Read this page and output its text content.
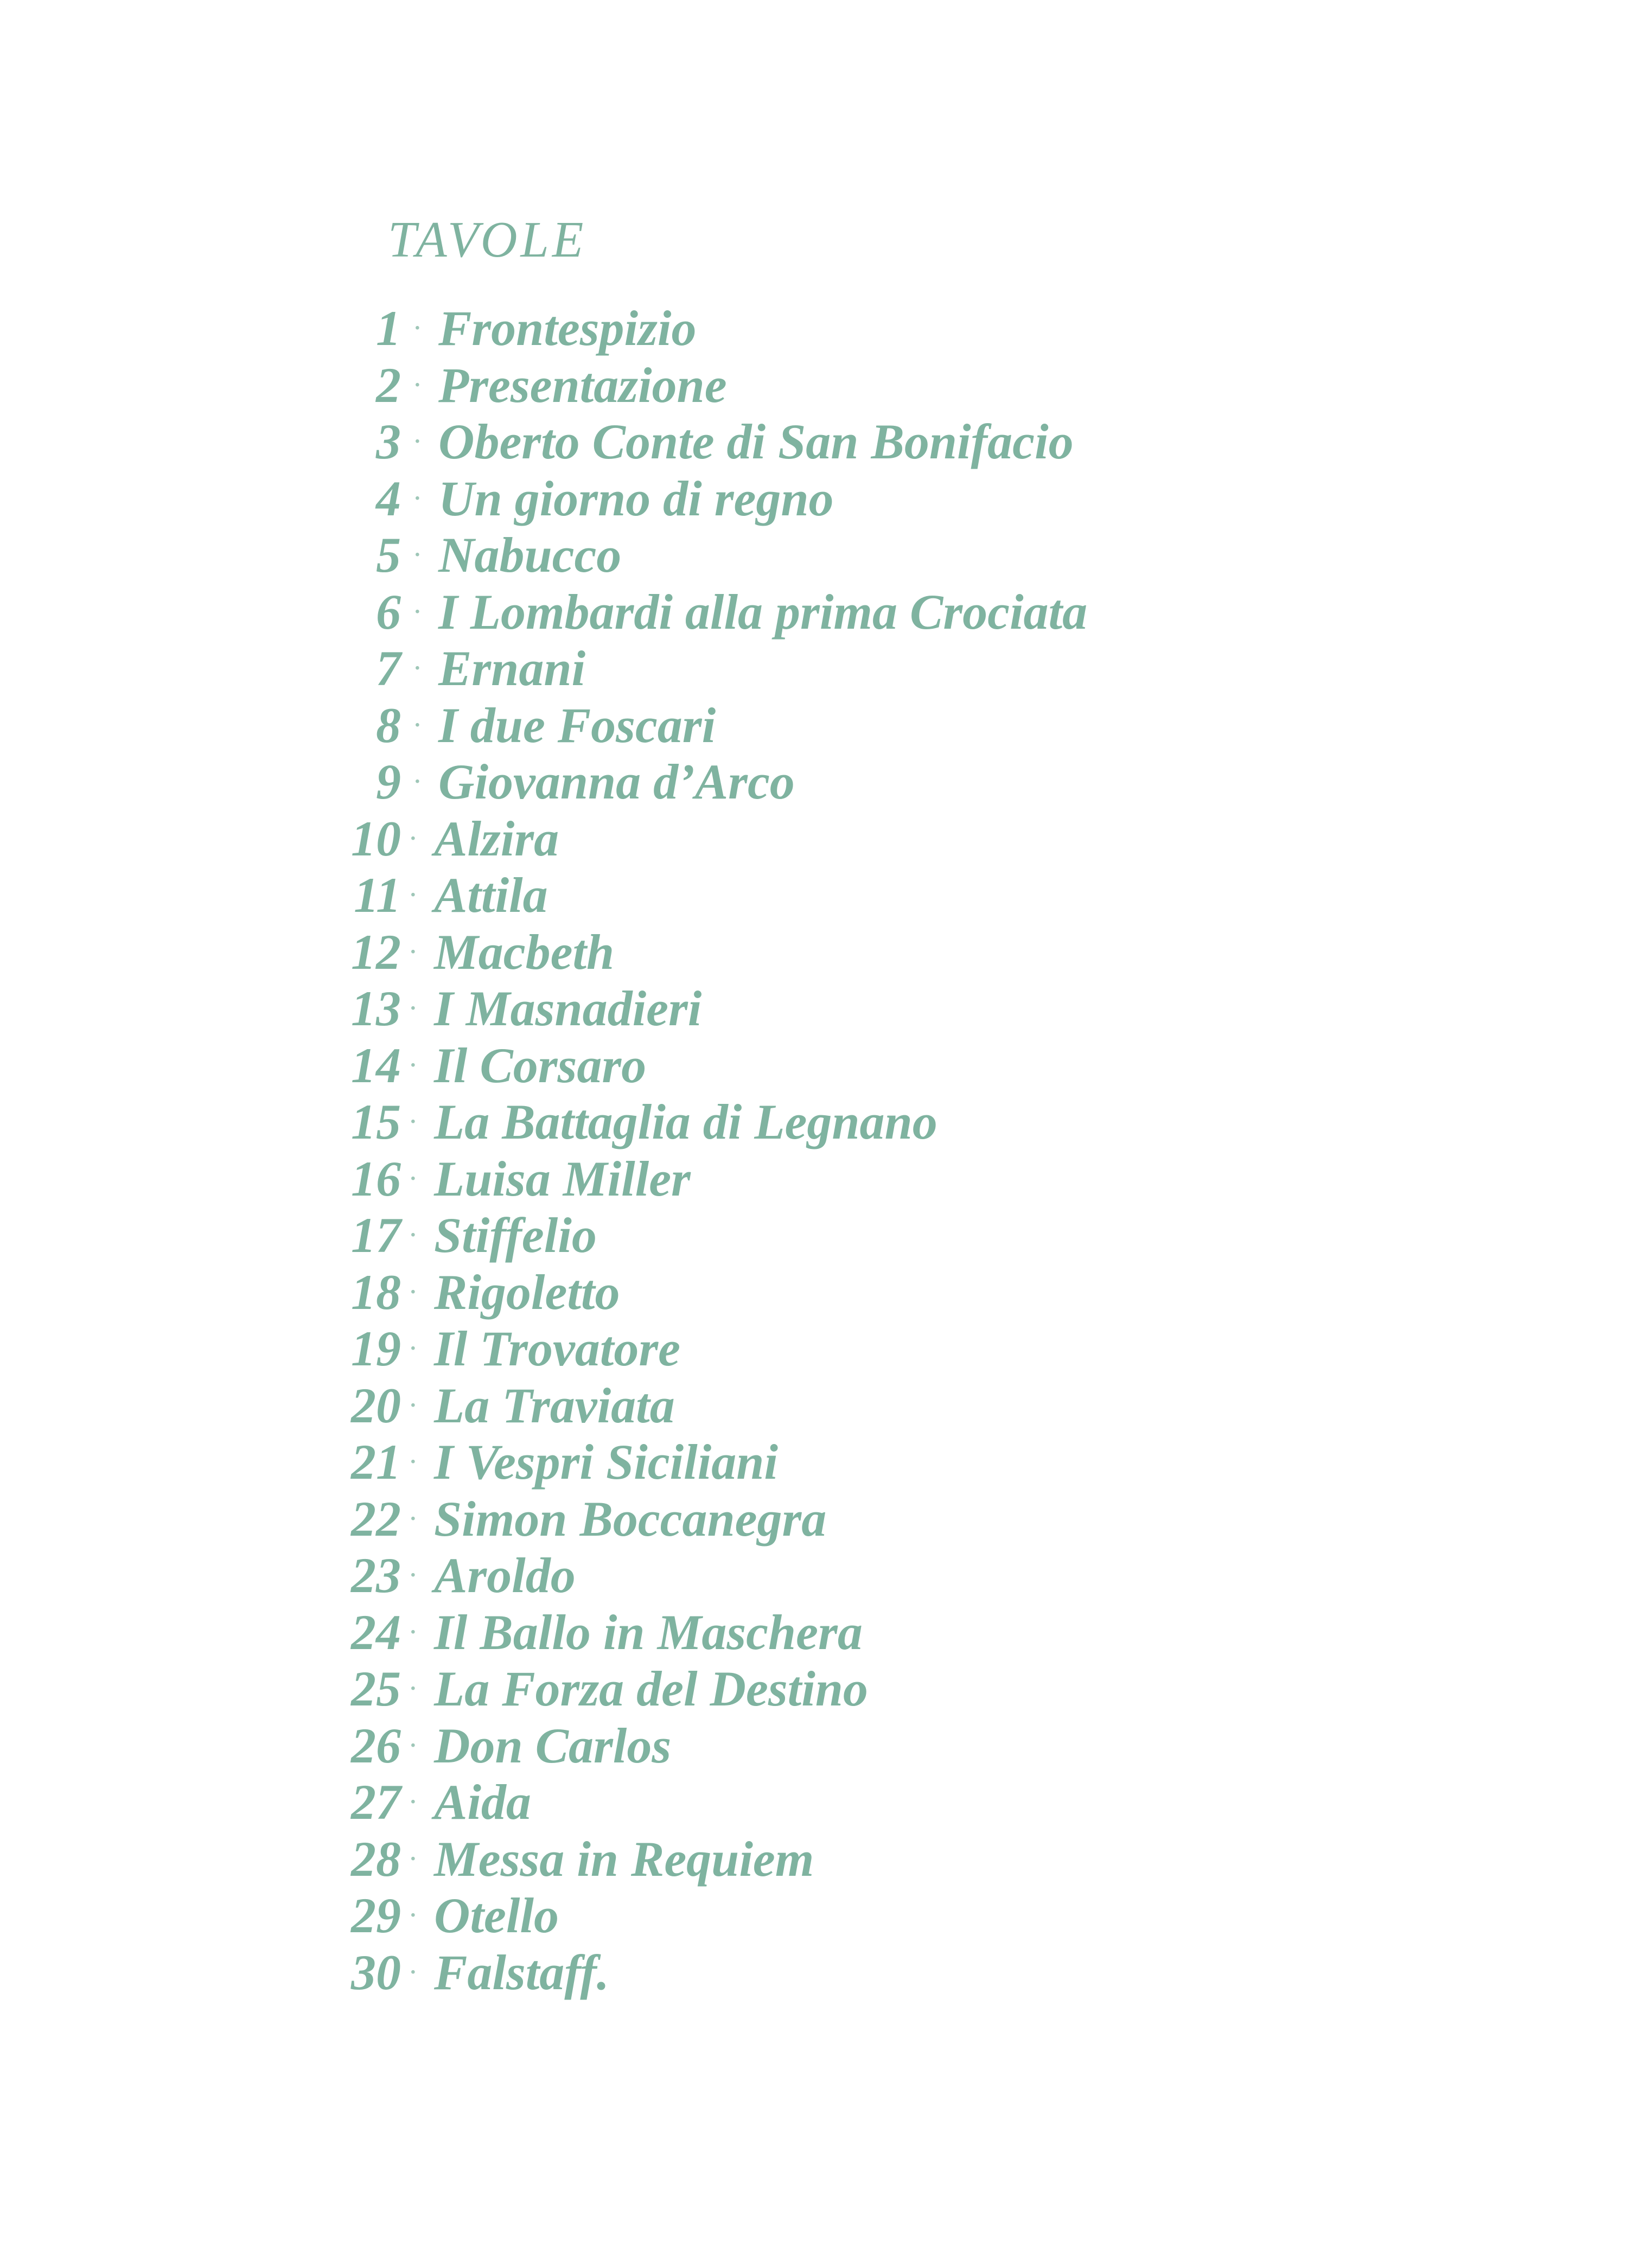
TAVOLE
1 · Frontespizio
2 · Presentazione
3 · Oberto Conte di San Bonifacio
4 · Un giorno di regno
5 · Nabucco
6 · I Lombardi alla prima Crociata
7 · Ernani
8 · I due Foscari
9 · Giovanna d’Arco
10 · Alzira
11 · Attila
12 · Macbeth
13 · I Masnadieri
14 · Il Corsaro
15 · La Battaglia di Legnano
16 · Luisa Miller
17 · Stiffelio
18 · Rigoletto
19 · Il Trovatore
20 · La Traviata
21 · I Vespri Siciliani
22 · Simon Boccanegra
23 · Aroldo
24 · Il Ballo in Maschera
25 · La Forza del Destino
26 · Don Carlos
27 · Aida
28 · Messa in Requiem
29 · Otello
30 · Falstaff.
